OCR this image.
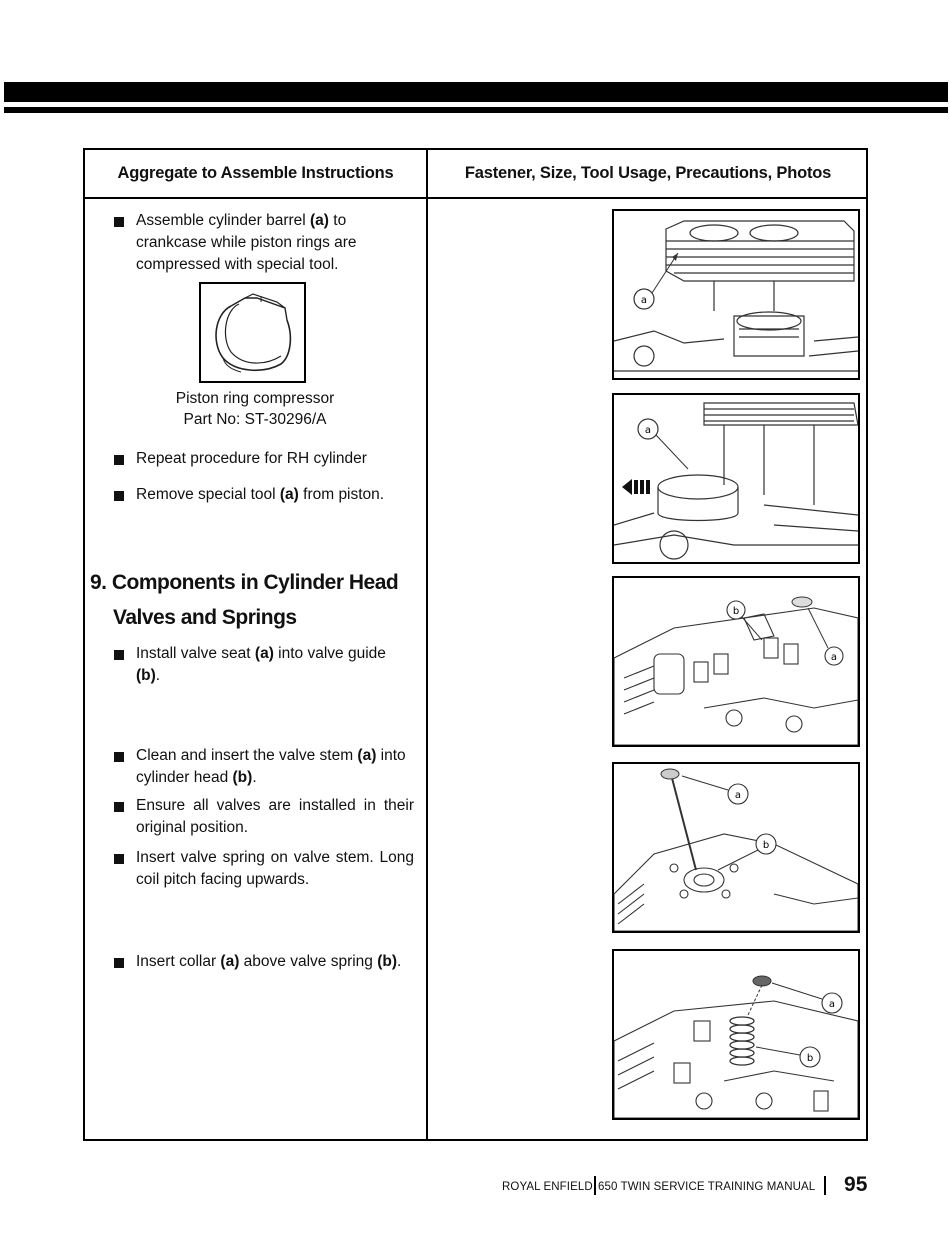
Aggregate to Assemble Instructions	Fastener, Size, Tool Usage, Precautions, Photos
Assemble cylinder barrel (a) to crankcase while piston rings are compressed with special tool.
Piston ring compressor
Part No: ST-30296/A
Repeat procedure for RH cylinder
Remove special tool (a) from piston.
9. Components in Cylinder Head
Valves and Springs
Install valve seat (a) into valve guide (b).
Clean and insert the valve stem (a) into cylinder head (b).
Ensure all valves are installed in their original position.
Insert valve spring on valve stem. Long coil pitch facing upwards.
Insert collar (a) above valve spring (b).
a
a
b
a
a
b
a
b
ROYAL ENFIELD 650 TWIN SERVICE TRAINING MANUAL 95
